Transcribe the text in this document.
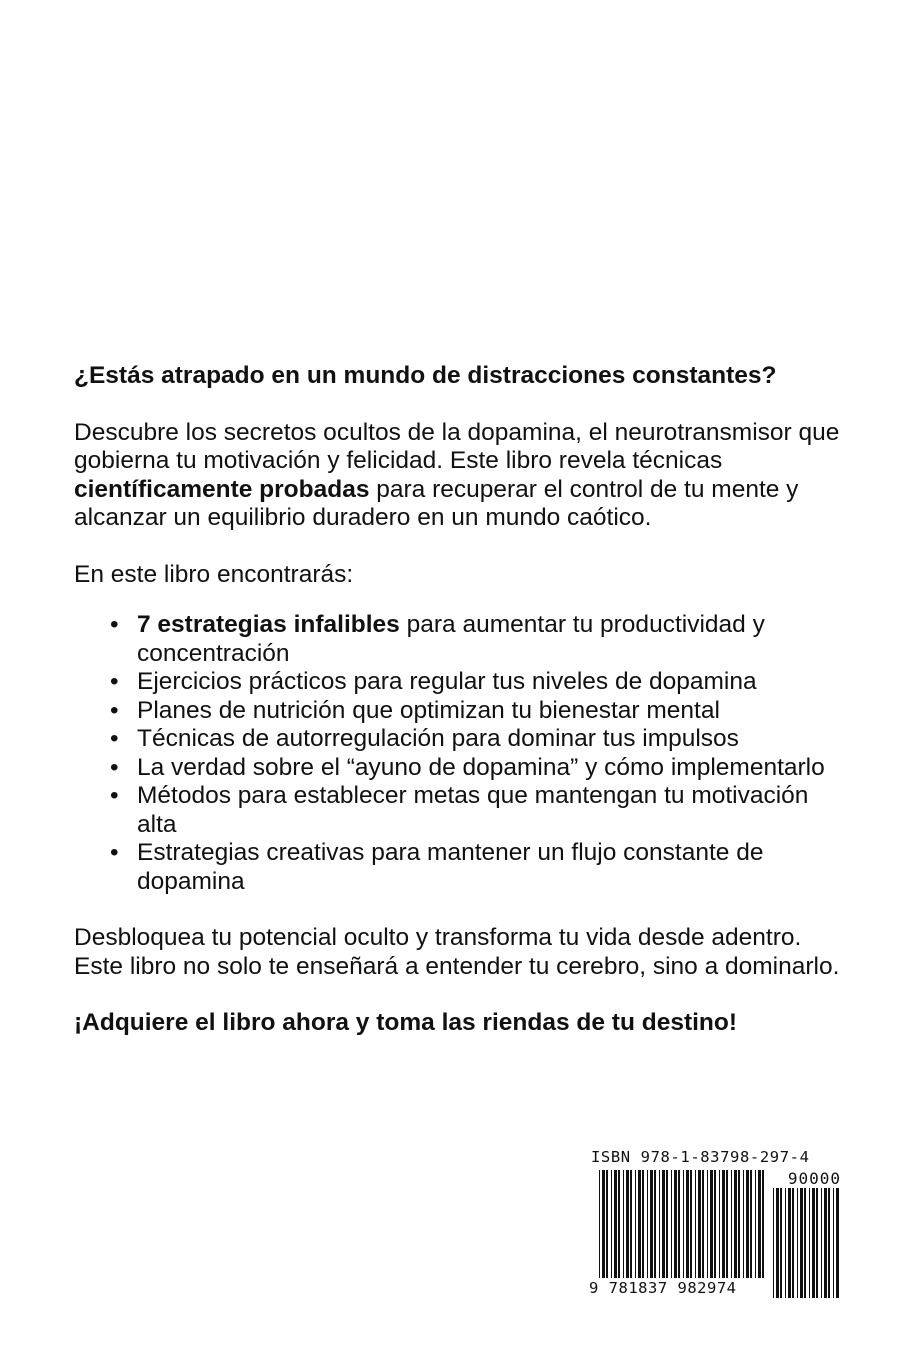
¿Estás atrapado en un mundo de distracciones constantes?

Descubre los secretos ocultos de la dopamina, el neurotransmisor que gobierna tu motivación y felicidad. Este libro revela técnicas científicamente probadas para recuperar el control de tu mente y alcanzar un equilibrio duradero en un mundo caótico.

En este libro encontrarás:

• 7 estrategias infalibles para aumentar tu productividad y concentración
• Ejercicios prácticos para regular tus niveles de dopamina
• Planes de nutrición que optimizan tu bienestar mental
• Técnicas de autorregulación para dominar tus impulsos
• La verdad sobre el “ayuno de dopamina” y cómo implementarlo
• Métodos para establecer metas que mantengan tu motivación alta
• Estrategias creativas para mantener un flujo constante de dopamina

Desbloquea tu potencial oculto y transforma tu vida desde adentro. Este libro no solo te enseñará a entender tu cerebro, sino a dominarlo.

¡Adquiere el libro ahora y toma las riendas de tu destino!

ISBN 978-1-83798-297-4
90000
9 781837 982974
